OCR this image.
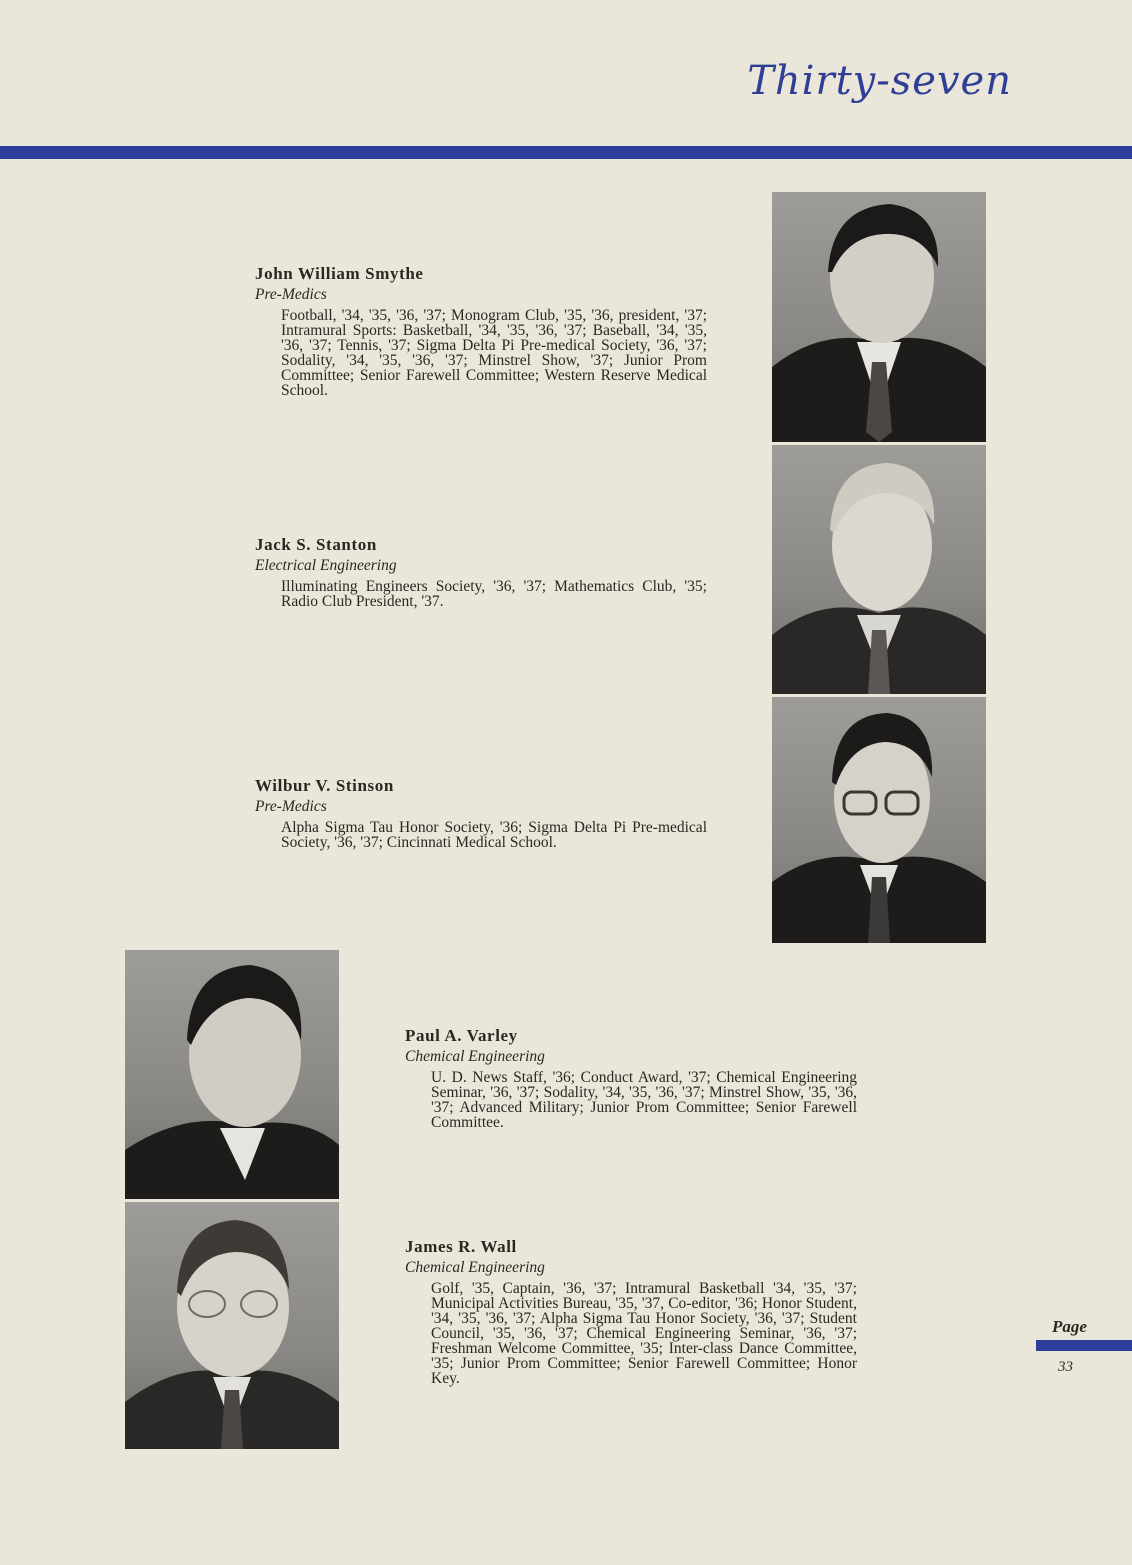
Thirty-seven

John William Smythe

Pre-Medics

Football, '34, '35, '36, '37; Monogram Club, '35, '36, president, '37; Intramural Sports: Basketball, '34, '35, '36, '37; Baseball, '34, '35, '36, '37; Tennis, '37; Sigma Delta Pi Pre-medical Society, '36, '37; Sodality, '34, '35, '36, '37; Minstrel Show, '37; Junior Prom Committee; Senior Farewell Committee; Western Reserve Medical School.

Jack S. Stanton

Electrical Engineering

Illuminating Engineers Society, '36, '37; Mathematics Club, '35; Radio Club President, '37.

Wilbur V. Stinson

Pre-Medics

Alpha Sigma Tau Honor Society, '36; Sigma Delta Pi Pre-medical Society, '36, '37; Cincinnati Medical School.

Paul A. Varley

Chemical Engineering

U. D. News Staff, '36; Conduct Award, '37; Chemical Engineering Seminar, '36, '37; Sodality, '34, '35, '36, '37; Minstrel Show, '35, '36, '37; Advanced Military; Junior Prom Committee; Senior Farewell Committee.

James R. Wall

Chemical Engineering

Golf, '35, Captain, '36, '37; Intramural Basketball '34, '35, '37; Municipal Activities Bureau, '35, '37, Co-editor, '36; Honor Student, '34, '35, '36, '37; Alpha Sigma Tau Honor Society, '36, '37; Student Council, '35, '36, '37; Chemical Engineering Seminar, '36, '37; Freshman Welcome Committee, '35; Inter-class Dance Committee, '35; Junior Prom Committee; Senior Farewell Committee; Honor Key.

Page
33
